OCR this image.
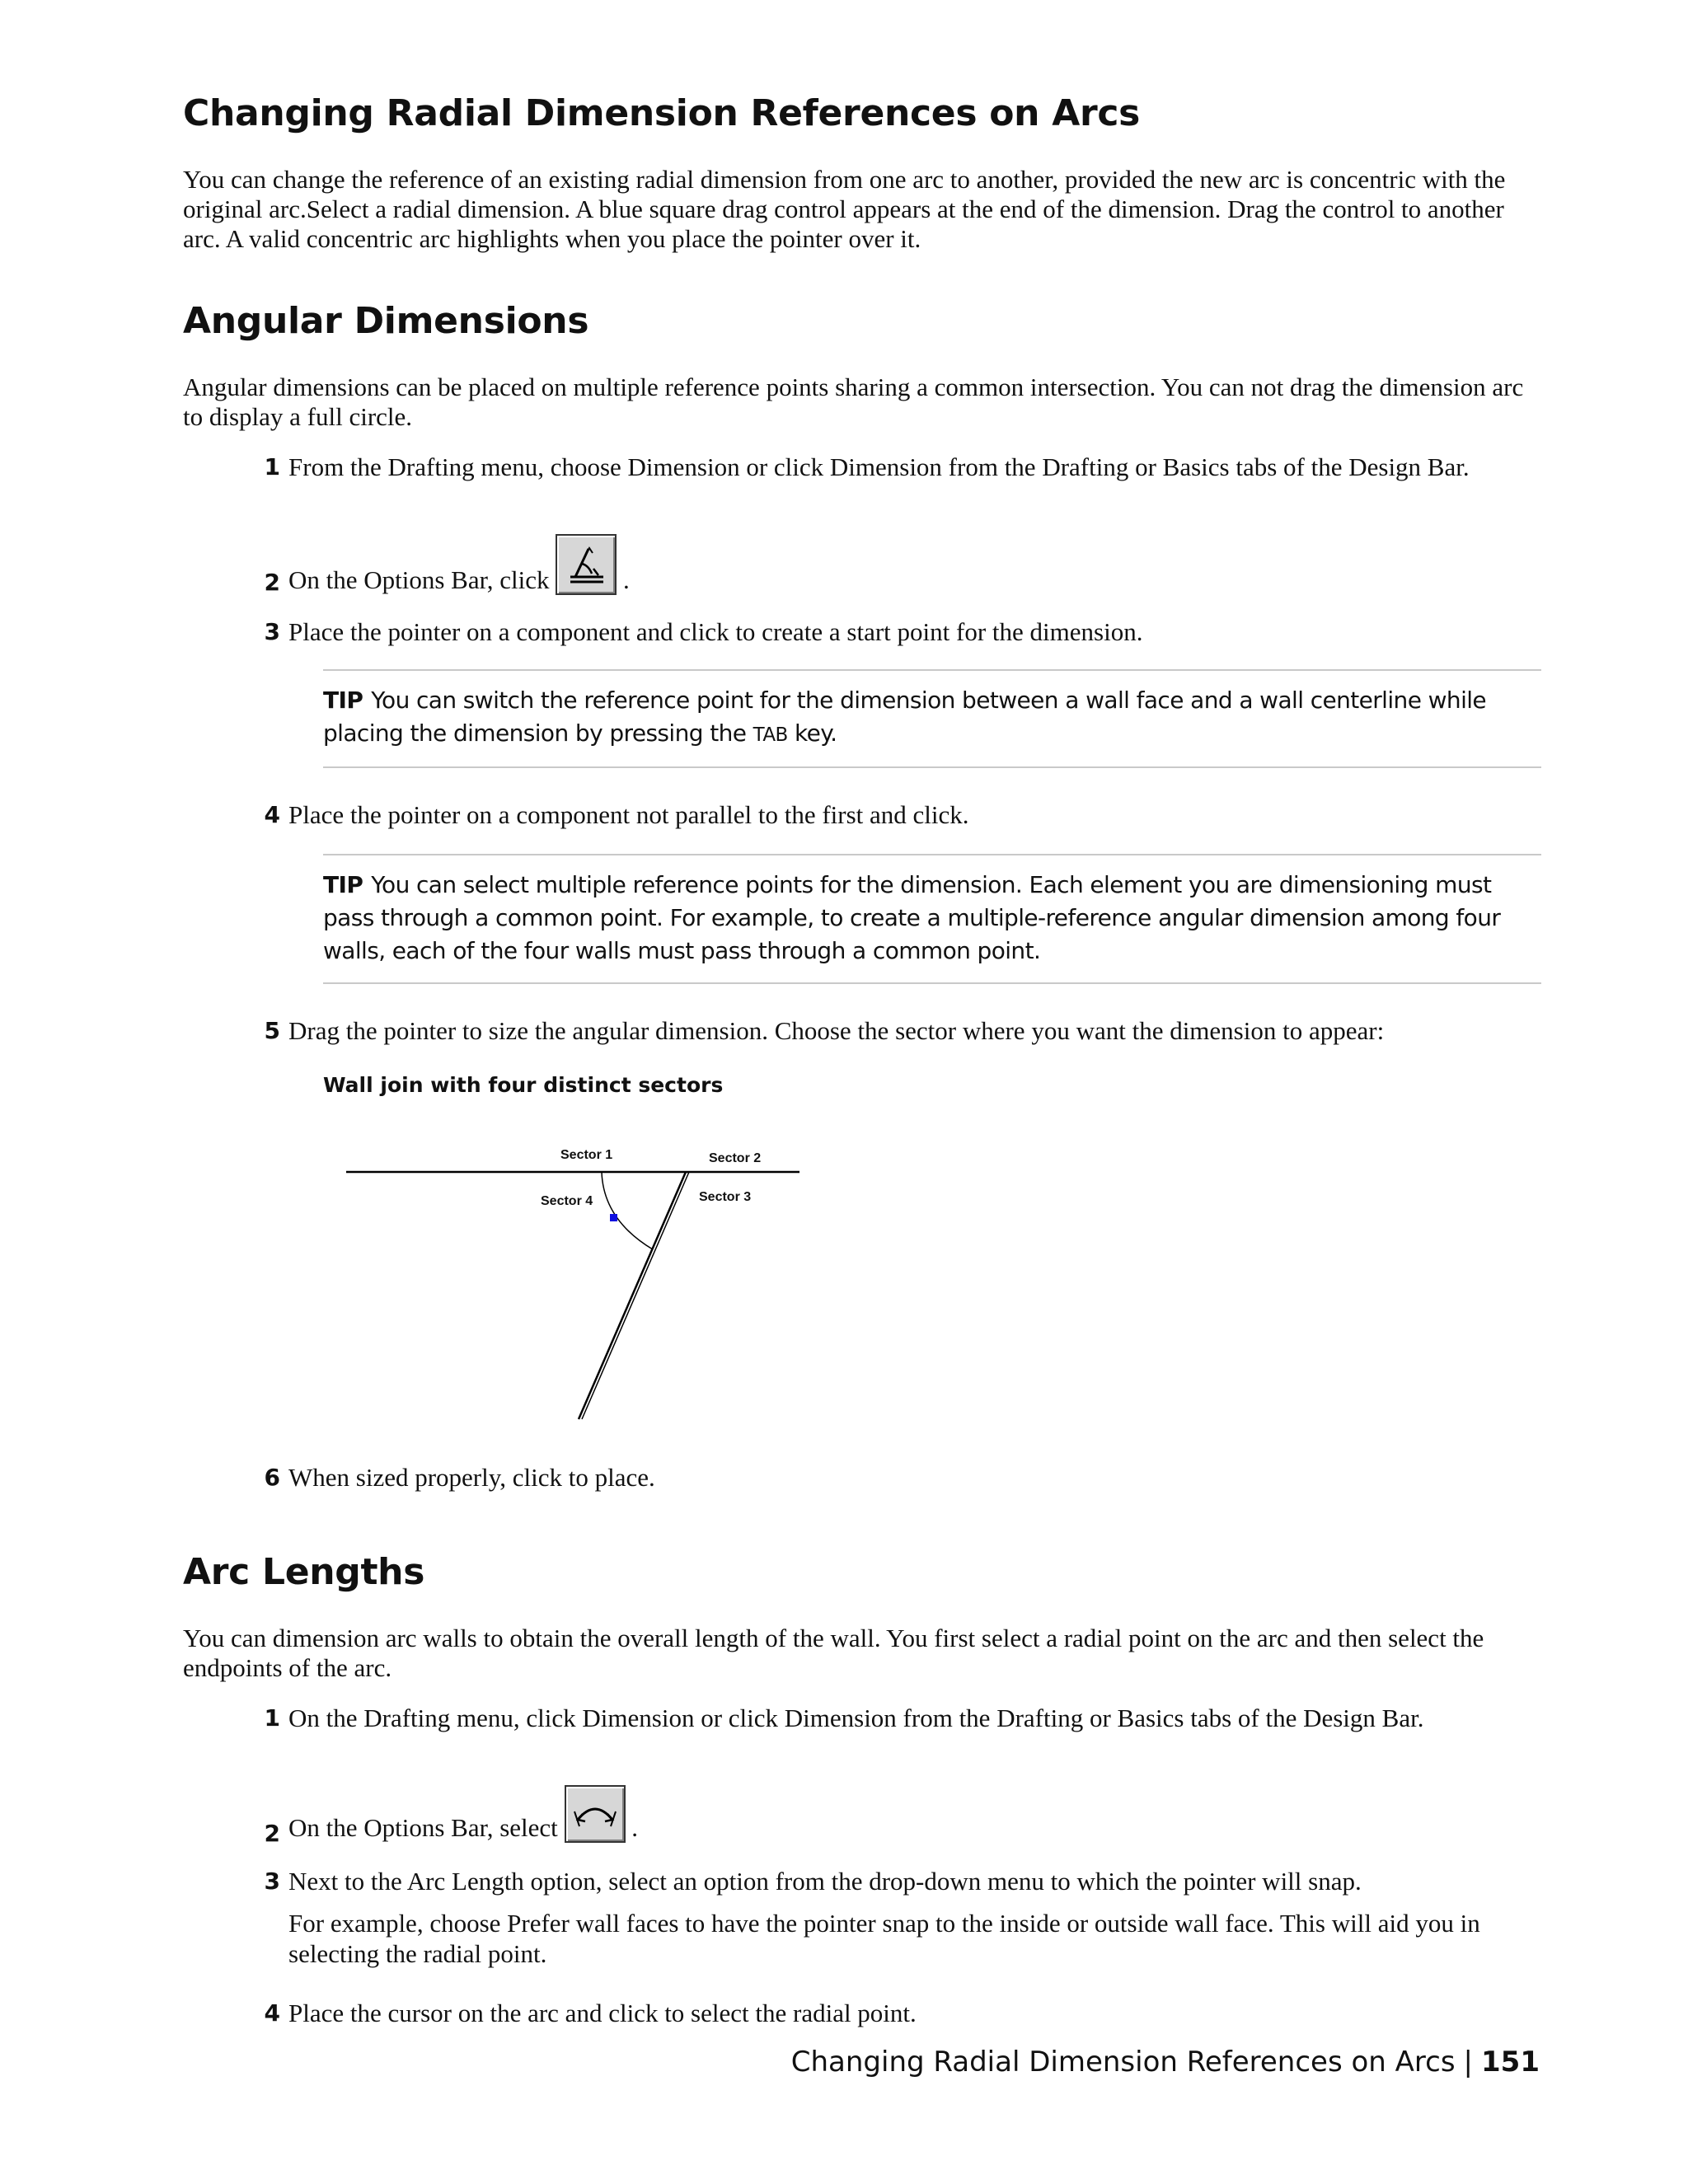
Changing Radial Dimension References on Arcs

You can change the reference of an existing radial dimension from one arc to another, provided the new arc is concentric with the original arc.Select a radial dimension. A blue square drag control appears at the end of the dimension. Drag the control to another arc. A valid concentric arc highlights when you place the pointer over it.

Angular Dimensions

Angular dimensions can be placed on multiple reference points sharing a common intersection. You can not drag the dimension arc to display a full circle.

1 From the Drafting menu, choose Dimension or click Dimension from the Drafting or Basics tabs of the Design Bar.
2 On the Options Bar, click	.
3 Place the pointer on a component and click to create a start point for the dimension.
TIP You can switch the reference point for the dimension between a wall face and a wall centerline while placing the dimension by pressing the TAB key.
4 Place the pointer on a component not parallel to the first and click.
TIP You can select multiple reference points for the dimension. Each element you are dimensioning must pass through a common point. For example, to create a multiple-reference angular dimension among four walls, each of the four walls must pass through a common point.
5 Drag the pointer to size the angular dimension. Choose the sector where you want the dimension to appear:
Wall join with four distinct sectors
Sector 1	Sector 2
Sector 3
Sector 4
6 When sized properly, click to place.
Arc Lengths

You can dimension arc walls to obtain the overall length of the wall. You first select a radial point on the arc and then select the endpoints of the arc.

1 On the Drafting menu, click Dimension or click Dimension from the Drafting or Basics tabs of the Design Bar.
2 On the Options Bar, select	.
3 Next to the Arc Length option, select an option from the drop-down menu to which the pointer will snap.
For example, choose Prefer wall faces to have the pointer snap to the inside or outside wall face. This will aid you in selecting the radial point.
4 Place the cursor on the arc and click to select the radial point.
Changing Radial Dimension References on Arcs | 151
